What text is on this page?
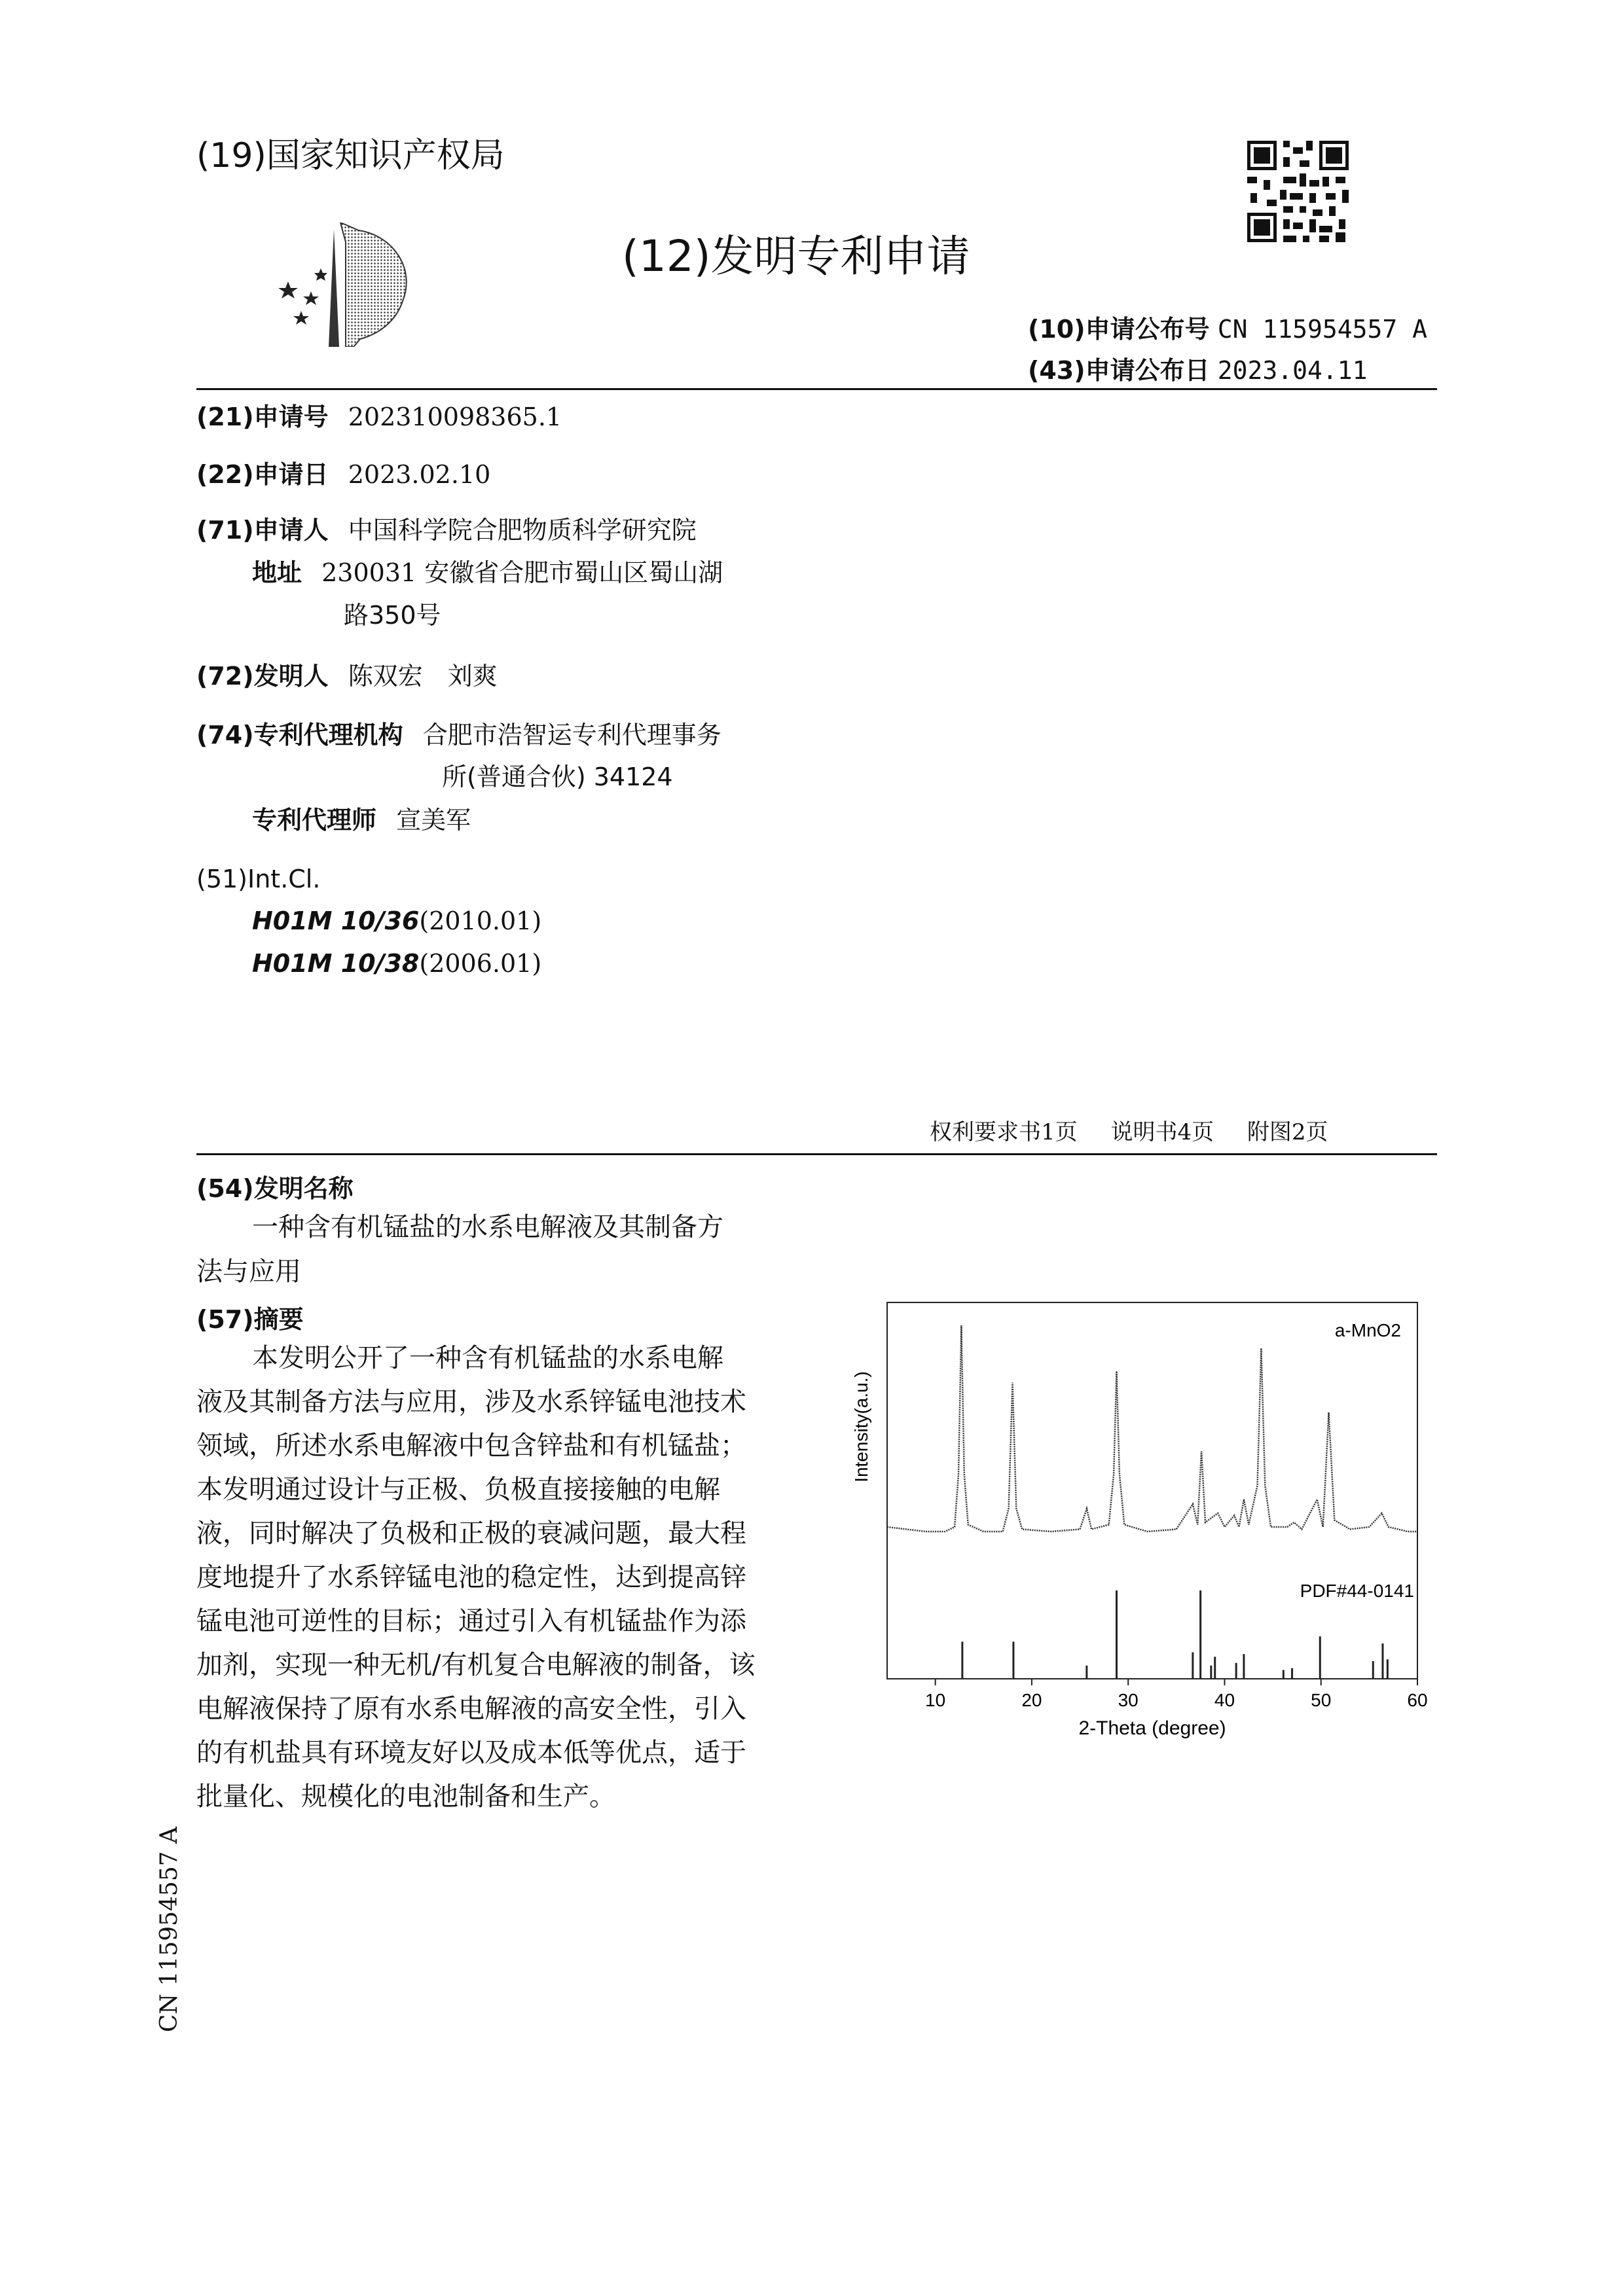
(19)国家知识产权局
(12)发明专利申请
(10)申请公布号 CN 115954557 A
(43)申请公布日 2023.04.11
(21)申请号 202310098365.1
(22)申请日 2023.02.10
(71)申请人 中国科学院合肥物质科学研究院
地址 230031 安徽省合肥市蜀山区蜀山湖
路350号
(72)发明人 陈双宏　刘爽
(74)专利代理机构 合肥市浩智运专利代理事务
所(普通合伙) 34124
专利代理师 宣美军
(51)Int.Cl.
H01M 10/36(2010.01)
H01M 10/38(2006.01)
权利要求书1页 说明书4页 附图2页
(54)发明名称
一种含有机锰盐的水系电解液及其制备方
法与应用
(57)摘要
本发明公开了一种含有机锰盐的水系电解
液及其制备方法与应用，涉及水系锌锰电池技术
领域，所述水系电解液中包含锌盐和有机锰盐；
本发明通过设计与正极、负极直接接触的电解
液，同时解决了负极和正极的衰减问题，最大程
度地提升了水系锌锰电池的稳定性，达到提高锌
锰电池可逆性的目标；通过引入有机锰盐作为添
加剂，实现一种无机/有机复合电解液的制备，该
电解液保持了原有水系电解液的高安全性，引入
的有机盐具有环境友好以及成本低等优点，适于
批量化、规模化的电池制备和生产。
10	20	30	40	50	60
a-MnO2
PDF#44-0141
2-Theta (degree)
Intensity(a.u.)
CN 115954557 A
